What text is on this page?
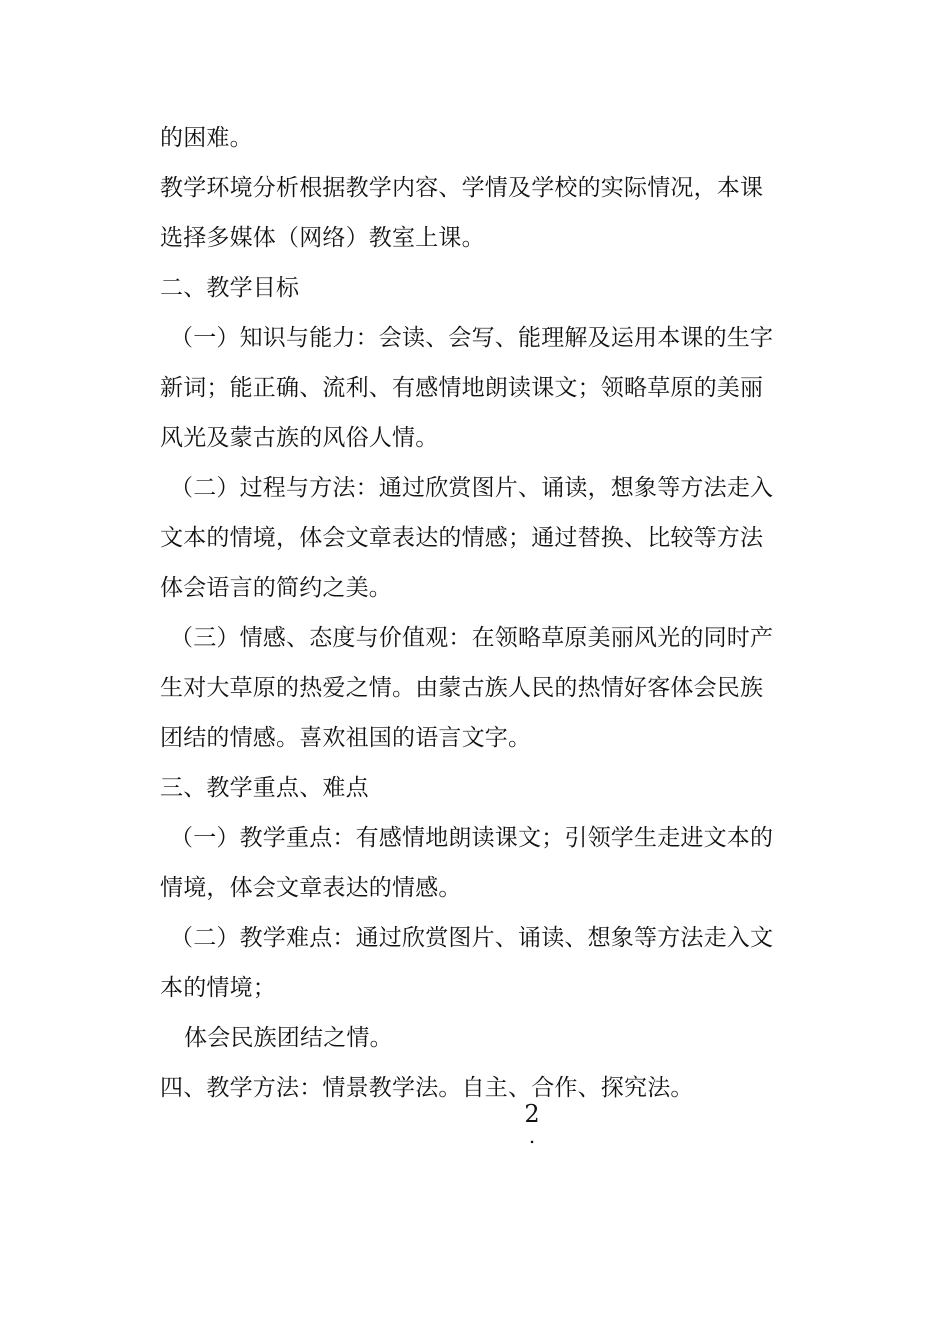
的困难。
教学环境分析根据教学内容、学情及学校的实际情况，本课
选择多媒体（网络）教室上课。
二、教学目标
（一）知识与能力：会读、会写、能理解及运用本课的生字
新词；能正确、流利、有感情地朗读课文；领略草原的美丽
风光及蒙古族的风俗人情。
（二）过程与方法：通过欣赏图片、诵读，想象等方法走入
文本的情境，体会文章表达的情感；通过替换、比较等方法
体会语言的简约之美。
（三）情感、态度与价值观：在领略草原美丽风光的同时产
生对大草原的热爱之情。由蒙古族人民的热情好客体会民族
团结的情感。喜欢祖国的语言文字。
三、教学重点、难点
（一）教学重点：有感情地朗读课文；引领学生走进文本的
情境，体会文章表达的情感。
（二）教学难点：通过欣赏图片、诵读、想象等方法走入文
本的情境；
体会民族团结之情。
四、教学方法：情景教学法。自主、合作、探究法。
2
.
